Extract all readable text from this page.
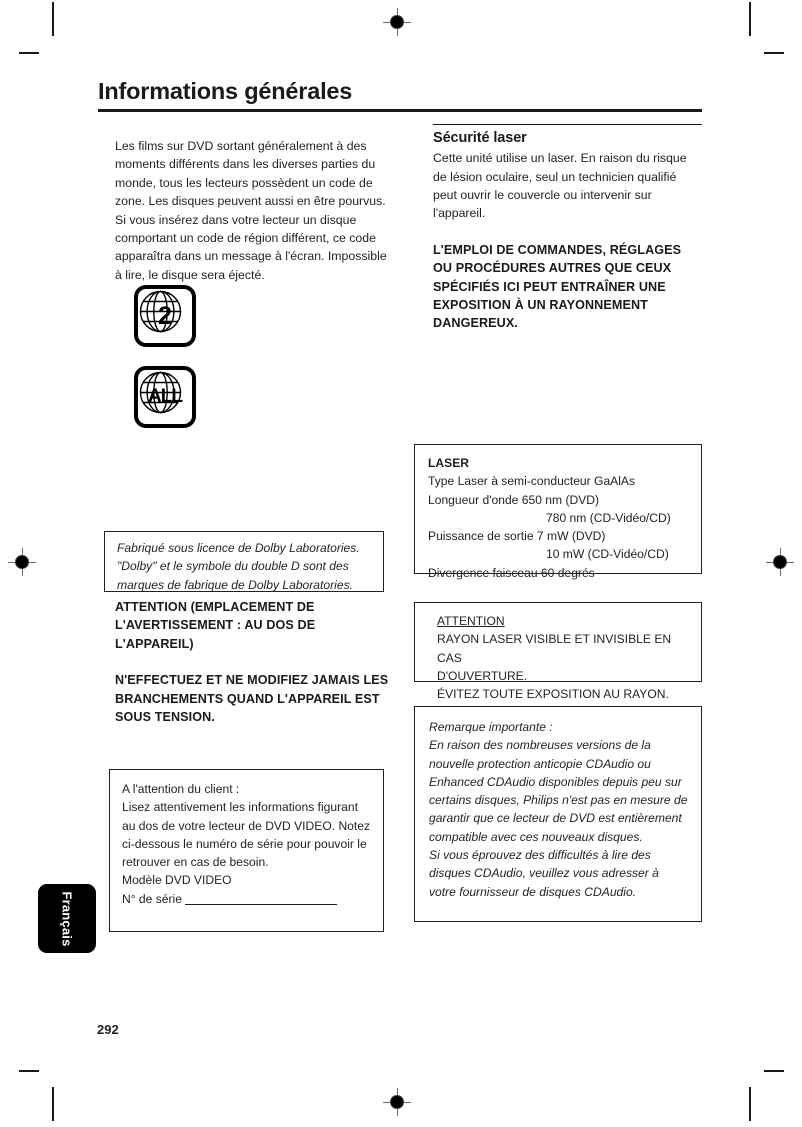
Informations générales
Les films sur DVD sortant généralement à des moments différents dans les diverses parties du monde, tous les lecteurs possèdent un code de zone. Les disques peuvent aussi en être pourvus. Si vous insérez dans votre lecteur un disque comportant un code de région différent, ce code apparaîtra dans un message à l'écran. Impossible à lire, le disque sera éjecté.
2
ALL
Sécurité laser
Cette unité utilise un laser. En raison du risque de lésion oculaire, seul un technicien qualifié peut ouvrir le couvercle ou intervenir sur l'appareil.
L'EMPLOI DE COMMANDES, RÉGLAGES OU PROCÉDURES AUTRES QUE CEUX SPÉCIFIÉS ICI PEUT ENTRAÎNER UNE EXPOSITION À UN RAYONNEMENT DANGEREUX.
LASER
Type Laser à semi-conducteur GaAlAs
Longueur d'onde 650 nm (DVD)
780 nm (CD-Vidéo/CD)
Puissance de sortie 7 mW (DVD)
10 mW (CD-Vidéo/CD)
Divergence faisceau 60 degrés
Fabriqué sous licence de Dolby Laboratories.
"Dolby" et le symbole du double D sont des
marques de fabrique de Dolby Laboratories.
ATTENTION (EMPLACEMENT DE L'AVERTISSEMENT : AU DOS DE L'APPAREIL)
N'EFFECTUEZ ET NE MODIFIEZ JAMAIS LES BRANCHEMENTS QUAND L'APPAREIL EST SOUS TENSION.
ATTENTION
RAYON LASER VISIBLE ET INVISIBLE EN CAS
D'OUVERTURE.
ÉVITEZ TOUTE EXPOSITION AU RAYON.
Remarque importante :
En raison des nombreuses versions de la nouvelle protection anticopie CDAudio ou Enhanced CDAudio disponibles depuis peu sur certains disques, Philips n'est pas en mesure de garantir que ce lecteur de DVD est entièrement compatible avec ces nouveaux disques.
Si vous éprouvez des difficultés à lire des disques CDAudio, veuillez vous adresser à votre fournisseur de disques CDAudio.
A l'attention du client :
Lisez attentivement les informations figurant au dos de votre lecteur de DVD VIDEO. Notez ci-dessous le numéro de série pour pouvoir le retrouver en cas de besoin.
Modèle DVD VIDEO
N° de série
Français
292
